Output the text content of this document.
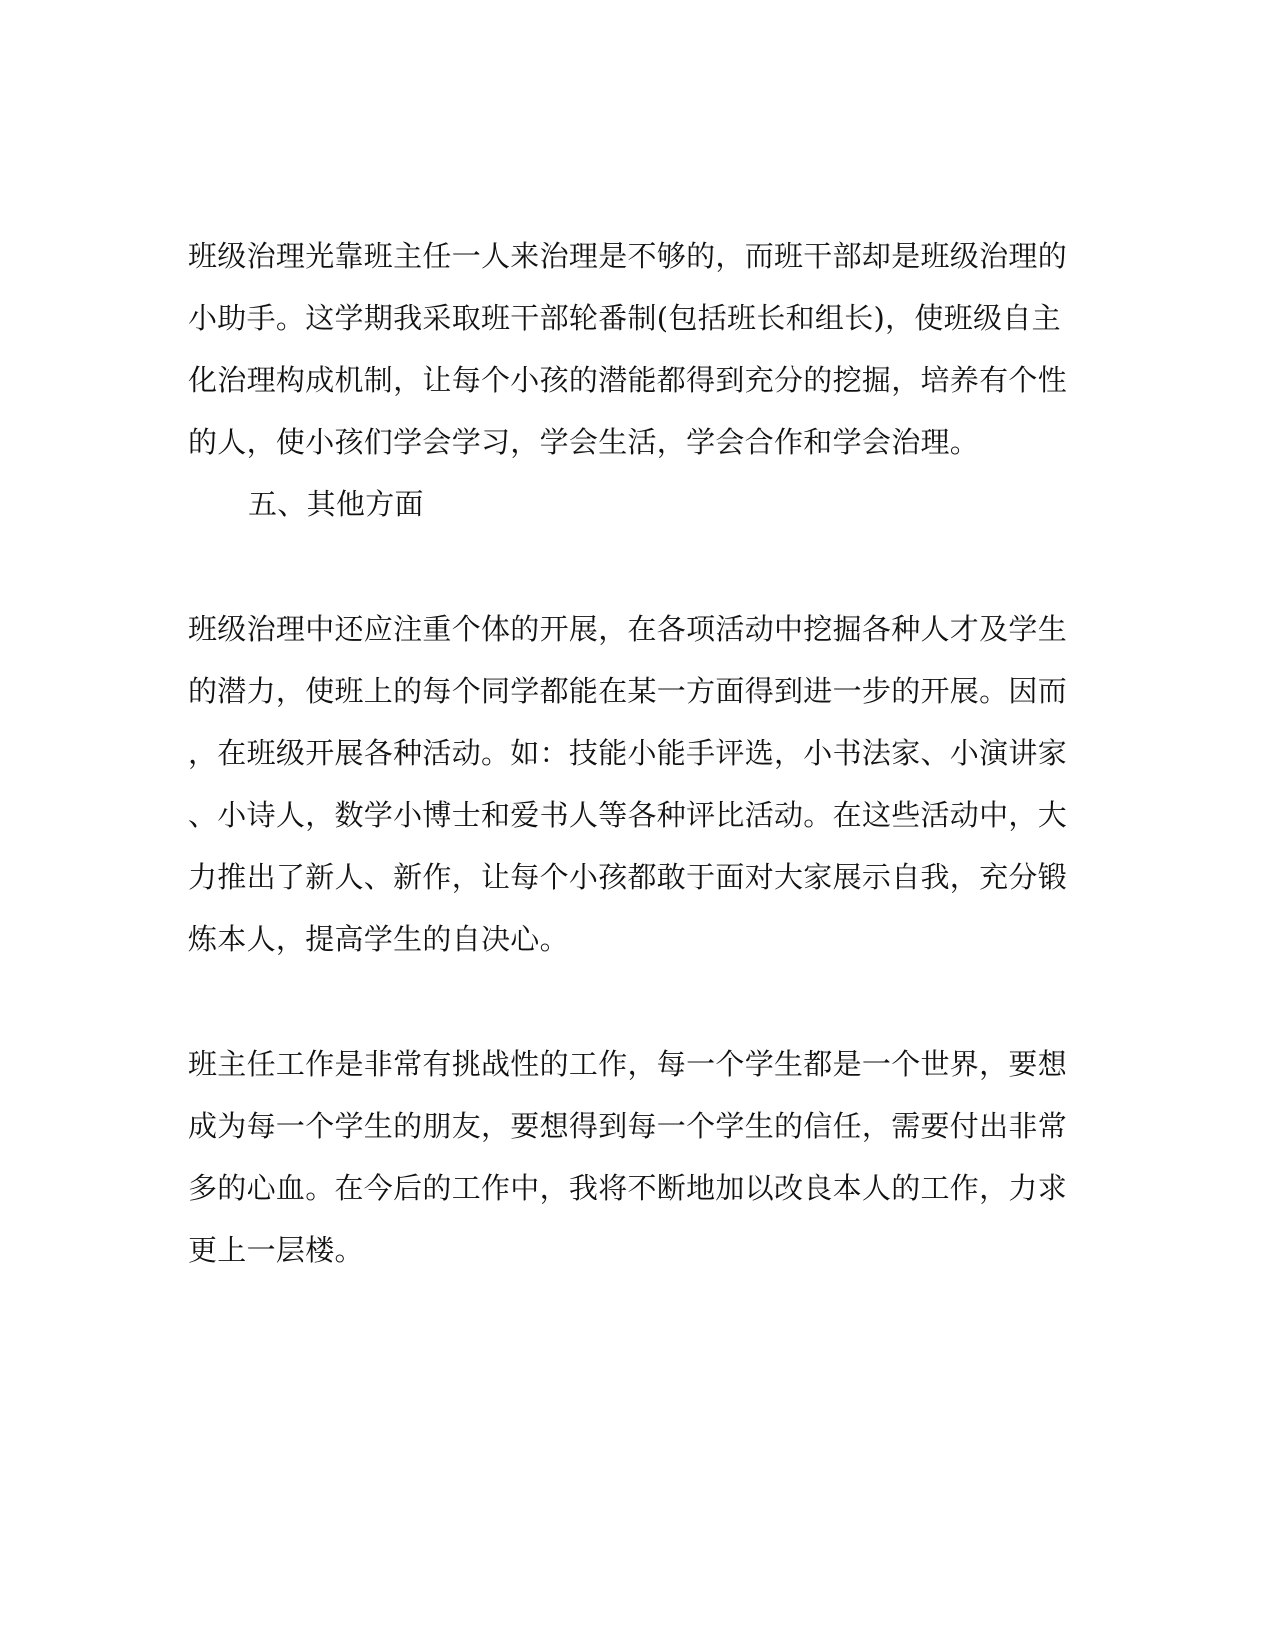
班级治理光靠班主任一人来治理是不够的，而班干部却是班级治理的
小助手。这学期我采取班干部轮番制(包括班长和组长)，使班级自主
化治理构成机制，让每个小孩的潜能都得到充分的挖掘，培养有个性
的人，使小孩们学会学习，学会生活，学会合作和学会治理。
五、其他方面
班级治理中还应注重个体的开展，在各项活动中挖掘各种人才及学生
的潜力，使班上的每个同学都能在某一方面得到进一步的开展。因而
，在班级开展各种活动。如：技能小能手评选，小书法家、小演讲家
、小诗人，数学小博士和爱书人等各种评比活动。在这些活动中，大
力推出了新人、新作，让每个小孩都敢于面对大家展示自我，充分锻
炼本人，提高学生的自决心。
班主任工作是非常有挑战性的工作，每一个学生都是一个世界，要想
成为每一个学生的朋友，要想得到每一个学生的信任，需要付出非常
多的心血。在今后的工作中，我将不断地加以改良本人的工作，力求
更上一层楼。
